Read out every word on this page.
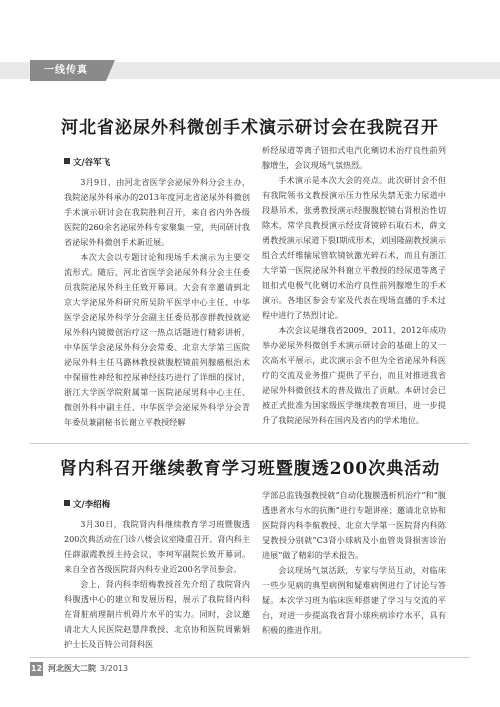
一线传真
河北省泌尿外科微创手术演示研讨会在我院召开
文/谷军飞

3月9日，由河北省医学会泌尿外科分会主办，我院泌尿外科承办的2013年度河北省泌尿外科微创手术演示研讨会在我院胜利召开，来自省内外各级医院的260余名泌尿外科专家聚集一堂，共同研讨我省泌尿外科微创手术新近展。

本次大会以专题讨论和现场手术演示为主要交流形式。随后，河北省医学会泌尿外科分会主任委员我院泌尿外科主任致开幕词。大会有幸邀请到北京大学泌尿外科研究所吴阶平医学中心主任、中华医学会泌尿外科学分会副主任委员那彦群教授就泌尿外科内镜微创治疗这一热点话题进行精彩讲析，中华医学会泌尿外科分会常委、北京大学第三医院泌尿外科主任马潞林教授就腹腔镜前列腺癌根治术中保留性神经和控尿神经技巧进行了详细的探讨，浙江大学医学院附属第一医院泌尿男科中心主任、微创外科中副主任、中华医学会泌尿外科学分会青年委员兼副秘书长谢立平教授经解

析经尿道等离子钮扣式电汽化剜切术治疗良性前列腺增生，会议现场气氛热烈。

手术演示是本次大会的亮点。此次研讨会不但有我院领书文教授演示压力性尿失禁无张力尿道中段悬吊术，张勇教授演示经腹腹腔镜右肾根治性切除术，常学良教授演示经皮肾镜碎石取石术，薛文勇教授演示尿道下裂I期成形术，刘国隆副教授演示组合式纤维输尿管软镜钬激光碎石术，而且有浙江大学第一医院泌尿外科谢立平教授的经尿道等离子钮扣式电极气化剜切术治疗良性前列腺增生的手术演示。各地区参会专家及代表在现场直播的手术过程中进行了热烈讨论。

本次会议是继我省2009、2011、2012年成功举办泌尿外科微创手术演示研讨会的基础上的又一次高水平展示，此次演示会不但为全省泌尿外科医疗的交流及业务推广提供了平台，而且对推进我省泌尿外科微创技术的普及做出了贡献。本研讨会已被正式批准为国家级医学继续教育项目，进一步提升了我院泌尿外科在国内及省内的学术地位。

肾内科召开继续教育学习班暨腹透200次典活动
文/李绍梅

3月30日，我院肾内科继续教育学习班暨腹透200次典活动在门诊八楼会议室隆重召开。肾内科主任薛淑霞教授主持会议，李珂军副院长致开幕词。来自全省各级医院肾内科专业近200名学员参会。

会上，肾内科李绍梅教授首先介绍了我院肾内科腹透中心的建立和发展历程，展示了我院肾内科在肾脏病理制片机碍片水平的实力。同时，会议邀请北大人民医院赵慧萍教授、北京协和医院周紫娟护士长及百特公司肾科医

学部总监钱强教授就“自动化腹膜透析机治疗”和“腹透患者水与水的抗衡”进行专题讲座；邀请北京协和医院肾内科李航教授、北京大学第一医院肾内科陈旻教授分别就“C3肾小球病及小血管炎肾损害诊治进展”做了精彩的学术报告。

会议现场气氛活跃，专家与学员互动，对临床一些少见病的典型病例和疑难病例进行了讨论与答疑。本次学习班为临床医师搭建了学习与交流的平台，对进一步提高我省肾小球疾病诊疗水平，具有积极的推进作用。

12 河北医大二院 3/2013
